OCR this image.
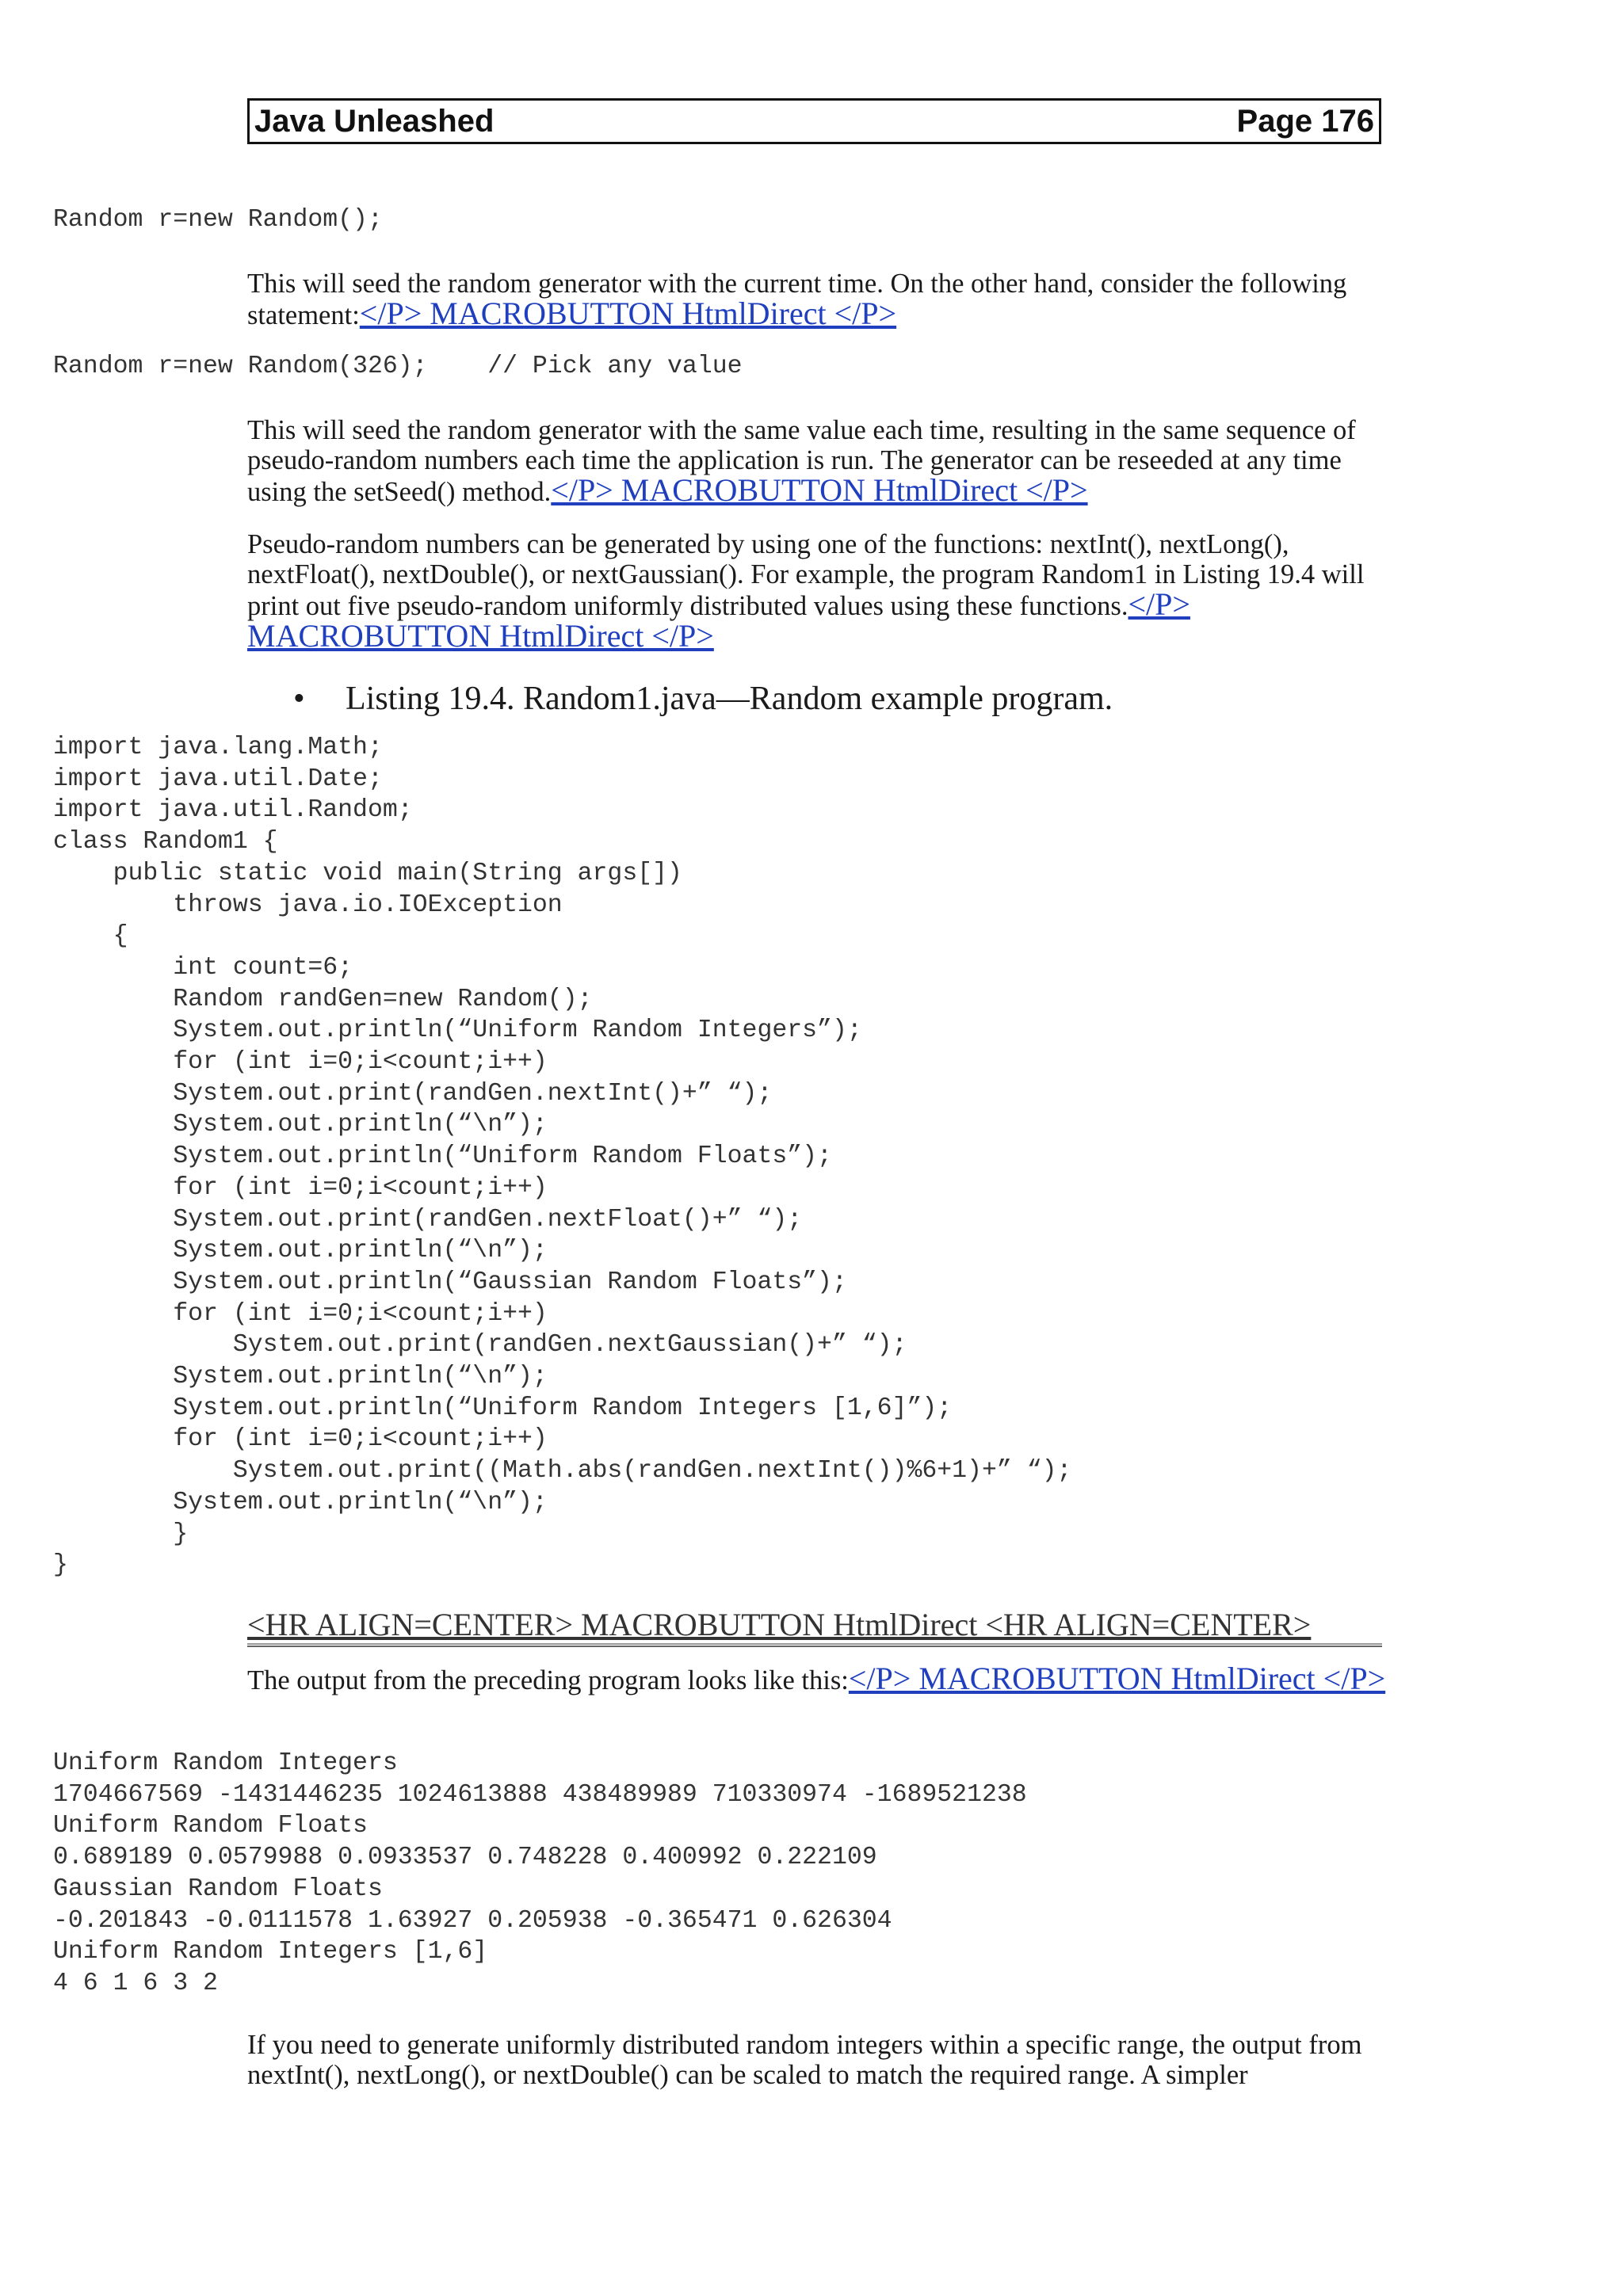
Java Unleashed	Page 176
Random r=new Random();

This will seed the random generator with the current time. On the other hand, consider the following statement:</P> MACROBUTTON HtmlDirect </P>

Random r=new Random(326);    // Pick any value

This will seed the random generator with the same value each time, resulting in the same sequence of pseudo-random numbers each time the application is run. The generator can be reseeded at any time using the setSeed() method.</P> MACROBUTTON HtmlDirect </P>

Pseudo-random numbers can be generated by using one of the functions: nextInt(), nextLong(), nextFloat(), nextDouble(), or nextGaussian(). For example, the program Random1 in Listing 19.4 will print out five pseudo-random uniformly distributed values using these functions.</P> MACROBUTTON HtmlDirect </P>

• Listing 19.4. Random1.java—Random example program.
import java.lang.Math;
import java.util.Date;
import java.util.Random;
class Random1 {
public static void main(String args[])
throws java.io.IOException
{
int count=6;
Random randGen=new Random();
System.out.println(“Uniform Random Integers”);
for (int i=0;i<count;i++)
System.out.print(randGen.nextInt()+” “);
System.out.println(“\n”);
System.out.println(“Uniform Random Floats”);
for (int i=0;i<count;i++)
System.out.print(randGen.nextFloat()+” “);
System.out.println(“\n”);
System.out.println(“Gaussian Random Floats”);
for (int i=0;i<count;i++)
System.out.print(randGen.nextGaussian()+” “);
System.out.println(“\n”);
System.out.println(“Uniform Random Integers [1,6]”);
for (int i=0;i<count;i++)
System.out.print((Math.abs(randGen.nextInt())%6+1)+” “);
System.out.println(“\n”);
}
}
<HR ALIGN=CENTER> MACROBUTTON HtmlDirect <HR ALIGN=CENTER>

The output from the preceding program looks like this:</P> MACROBUTTON HtmlDirect </P>

Uniform Random Integers
1704667569 -1431446235 1024613888 438489989 710330974 -1689521238
Uniform Random Floats
0.689189 0.0579988 0.0933537 0.748228 0.400992 0.222109
Gaussian Random Floats
-0.201843 -0.0111578 1.63927 0.205938 -0.365471 0.626304
Uniform Random Integers [1,6]
4 6 1 6 3 2

If you need to generate uniformly distributed random integers within a specific range, the output from nextInt(), nextLong(), or nextDouble() can be scaled to match the required range. A simpler
